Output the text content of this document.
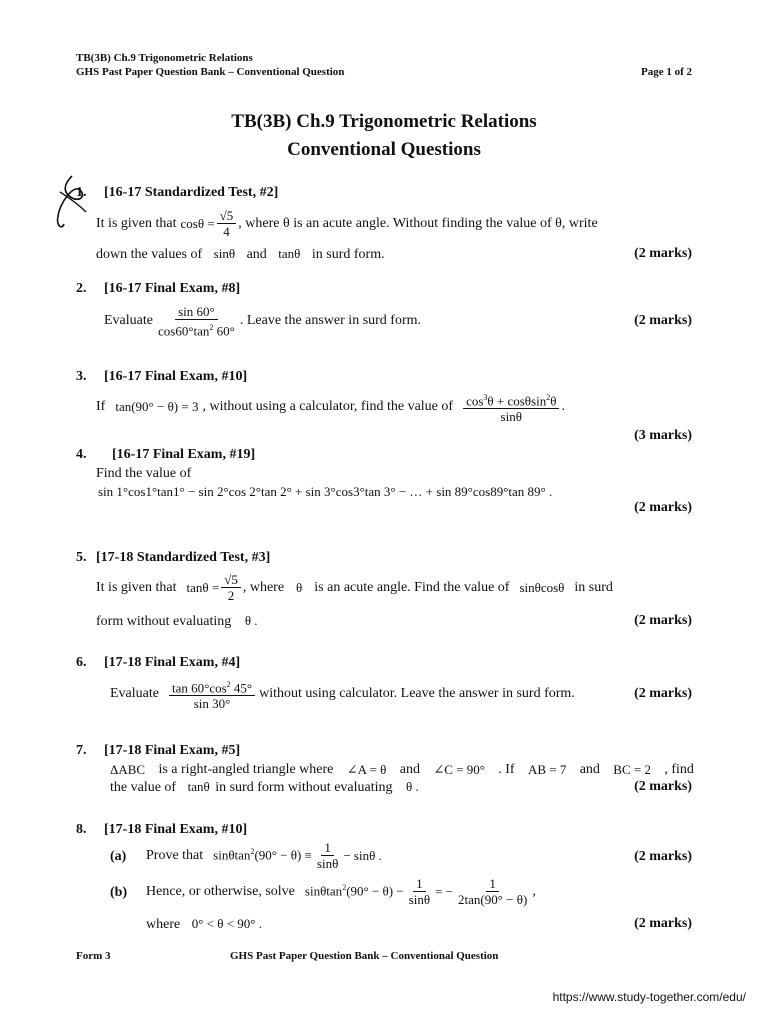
TB(3B) Ch.9 Trigonometric Relations
GHS Past Paper Question Bank – Conventional Question	Page 1 of 2
TB(3B) Ch.9 Trigonometric Relations
Conventional Questions
1. [16-17 Standardized Test, #2]
It is given that $\cos\theta = \frac{√5}{4}$ , where θ is an acute angle. Without finding the value of θ, write
down the values of sinθ and tanθ in surd form.	(2 marks)
2. [16-17 Final Exam, #8]
Evaluate $\frac{\sin 60^\circ}{\cos 60^\circ\tan^2 60^\circ}$ . Leave the answer in surd form.	(2 marks)
3. [16-17 Final Exam, #10]
If tan(90° − θ) = 3 , without using a calculator, find the value of $\frac{\cos^3\theta + \cos\theta\sin^2\theta}{\sin\theta}$ .
(3 marks)
4. [16-17 Final Exam, #19]
Find the value of
sin 1°cos1°tan1° − sin 2°cos 2°tan 2° + sin 3°cos3°tan 3° − … + sin 89°cos89°tan 89° .
(2 marks)
5. [17-18 Standardized Test, #3]
It is given that $\tan\theta = \frac{√5}{2}$ , where θ is an acute angle. Find the value of sinθcosθ in surd
form without evaluating θ .	(2 marks)
6. [17-18 Final Exam, #4]
Evaluate $\frac{\tan 60^\circ\cos^2 45^\circ}{\sin 30^\circ}$ without using calculator. Leave the answer in surd form.	(2 marks)
7. [17-18 Final Exam, #5]
ΔABC is a right-angled triangle where ∠A = θ and ∠C = 90° . If AB = 7 and BC = 2 , find
the value of tanθ in surd form without evaluating θ .	(2 marks)
8. [17-18 Final Exam, #10]
(a) Prove that $\sin\theta\tan^2(90^\circ - \theta) \equiv \frac{1}{\sin\theta} - \sin\theta$ .	(2 marks)
(b) Hence, or otherwise, solve $\sin\theta\tan^2(90^\circ - \theta) - \frac{1}{\sin\theta}$ = − $\frac{1}{2\tan(90^\circ - \theta)}$ ,
where 0° < θ < 90° .	(2 marks)
Form 3	GHS Past Paper Question Bank – Conventional Question
https://www.study-together.com/edu/
